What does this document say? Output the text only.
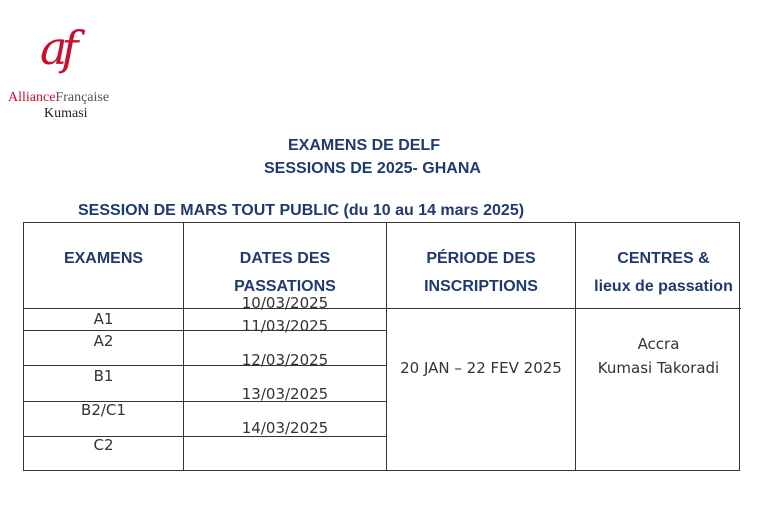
af
AllianceFrançaise
Kumasi
EXAMENS DE DELF
SESSIONS DE 2025- GHANA
SESSION DE MARS TOUT PUBLIC (du 10 au 14 mars 2025)
EXAMENS	DATES DES
PASSATIONS
PÉRIODE DES
INSCRIPTIONS
CENTRES &
lieux de passation
A1
A2
B1
B2/C1
C2
10/03/2025
11/03/2025
12/03/2025
13/03/2025
14/03/2025
20 JAN – 22 FEV 2025
Accra
Kumasi Takoradi
